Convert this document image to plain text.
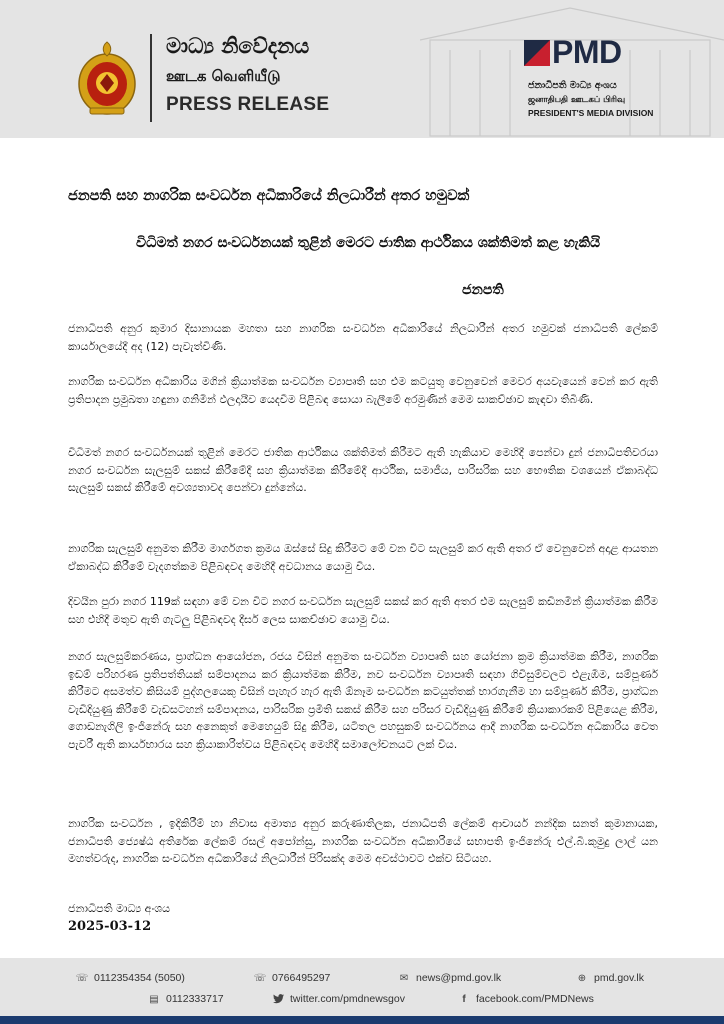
මාධ්‍ය නිවේදනය
ஊடக வெளியீடு
PRESS RELEASE
PMD
ජනාධිපති මාධ්‍ය අංශය
ஜனாதிபதி ஊடகப் பிரிவு
PRESIDENT'S MEDIA DIVISION
ජනපති සහ නාගරික සංවර්ධන අධිකාරියේ නිලධාරීන් අතර හමුවක්
විධිමත් නගර සංවර්ධනයක් තුළින් මෙරට ජාතික ආර්ථිකය ශක්තිමත් කළ හැකියි
ජනපති

ජනාධිපති අනුර කුමාර දිසානායක මහතා සහ නාගරික සංවර්ධන අධිකාරියේ නිලධාරීන් අතර හමුවක් ජනාධිපති ලේකම් කාර්යාලයේදී අද (12) පැවැත්විණි.

නාගරික සංවර්ධන අධිකාරිය මගින් ක්‍රියාත්මක සංවර්ධන ව්‍යාපෘති සහ එම කටයුතු වෙනුවෙන් මෙවර අයවැයෙන් වෙන් කර ඇති ප්‍රතිපාදන ප්‍රමුඛතා හඳුනා ගනිමින් ඵලදායීව යෙදවීම පිළිබඳ සොයා බැලීමේ අරමුණින් මෙම සාකච්ඡාව කැඳවා තිබිණි.

විධිමත් නගර සංවර්ධනයක් තුළින් මෙරට ජාතික ආර්ථිකය ශක්තිමත් කිරීමට ඇති හැකියාව මෙහිදී පෙන්වා දුන් ජනාධිපතිවරයා නගර සංවර්ධන සැලසුම් සකස් කිරීමේදී සහ ක්‍රියාත්මක කිරීමේදී ආර්ථික, සමාජීය, පාරිසරික සහ භෞතික වශයෙන් ඒකාබද්ධ සැලසුම් සකස් කිරීමේ අවශ්‍යතාවද පෙන්වා දුන්නේය.

නාගරික සැලසුම් අනුමත කිරීම මාර්ගගත ක්‍රමය ඔස්සේ සිදු කිරීමට මේ වන විට සැලසුම් කර ඇති අතර ඒ වෙනුවෙන් අදාළ ආයතන ඒකාබද්ධ කිරීමේ වැදගත්කම පිළිබඳවද මෙහිදී අවධානය යොමු විය.

දිවයින පුරා නගර 119ක් සඳහා මේ වන විට නගර සංවර්ධන සැලසුම් සකස් කර ඇති අතර එම සැලසුම් කඩිනමින් ක්‍රියාත්මක කිරීම සහ එහිදී මතුව ඇති ගැටලු පිළිබඳවද දීර්ඝ ලෙස සාකච්ඡාව යොමු විය.

නගර සැලසුම්කරණය, ප්‍රාග්ධන ආයෝජන, රජය විසින් අනුමත සංවර්ධන ව්‍යාපෘති සහ යෝජනා ක්‍රම ක්‍රියාත්මක කිරීම, නාගරික ඉඩම් පරිහරණ ප්‍රතිපත්තියක් සම්පාදනය කර ක්‍රියාත්මක කිරීම, නව සංවර්ධන ව්‍යාපෘති සඳහා ගිවිසුම්වලට එළැඹීම, සම්පූර්ණ කිරීමට අසමත්ව කිසියම් පුද්ගලයෙකු විසින් පැහැර හැර ඇති ඕනෑම සංවර්ධන කටයුත්තක් භාරගැනීම හා සම්පූර්ණ කිරීම, ප්‍රාග්ධන වැඩිදියුණු කිරීමේ වැඩසටහන් සම්පාදනය, පාරිසරික ප්‍රමිති සකස් කිරීම සහ පරිසර වැඩිදියුණු කිරීමේ ක්‍රියාකාරකම් පිළියෙළ කිරීම, ගොඩනැගිලි ඉංජිනේරු සහ අනෙකුත් මෙහෙයුම් සිදු කිරීම, යටිතල පහසුකම් සංවර්ධනය ආදී නාගරික සංවර්ධන අධිකාරිය වෙත පැවරී ඇති කාර්යභාරය සහ ක්‍රියාකාරිත්වය පිළිබඳවද මෙහිදී සමාලෝචනයට ලක් විය.

නාගරික සංවර්ධන , ඉදිකිරීම් හා නිවාස අමාත්‍ය අනුර කරුණාතිලක, ජනාධිපති ලේකම් ආචාර්ය නන්දික සනත් කුමානායක, ජනාධිපති ජ්‍යෙෂ්ඨ අතිරේක ලේකම් රසල් අපෝන්සු, නාගරික සංවර්ධන අධිකාරියේ සභාපති ඉංජිනේරු එල්.බී.කුමුදු ලාල් යන මහත්වරුද, නාගරික සංවර්ධන අධිකාරියේ නිලධාරීන් පිරිසක්ද මෙම අවස්ථාවට එක්ව සිටියහ.

ජනාධිපති මාධ්‍ය අංශය
2025-03-12
☏ 0112354354 (5050)	☏ 0766495297	✉ news@pmd.gov.lk	⊕ pmd.gov.lk
▤ 0112333717	twitter.com/pmdnewsgov	f facebook.com/PMDNews
